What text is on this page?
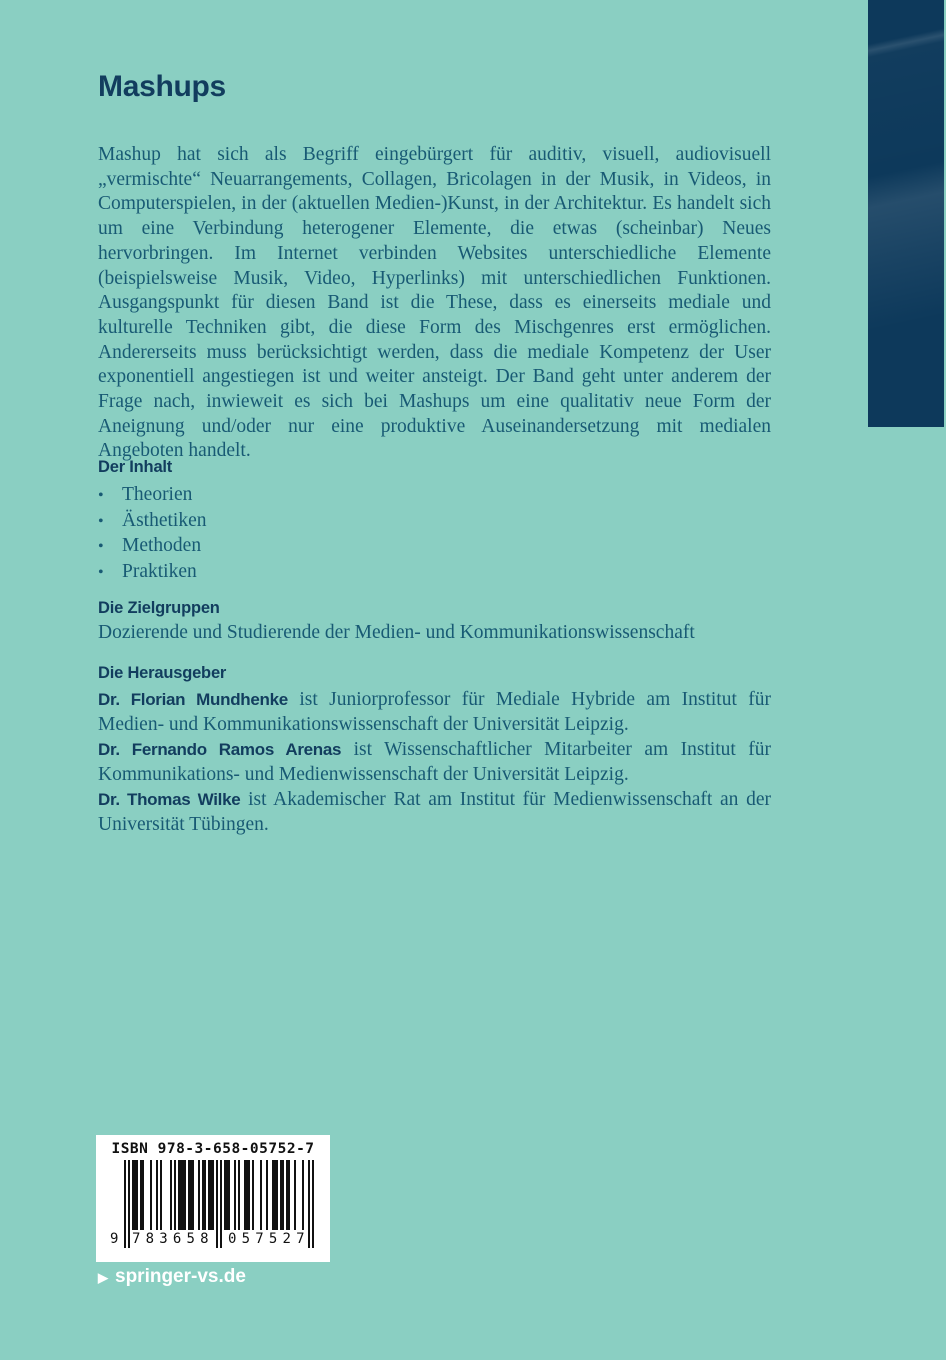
Mashups

Mashup hat sich als Begriff eingebürgert für auditiv, visuell, audiovisuell „vermischte“ Neuarrangements, Collagen, Bricolagen in der Musik, in Videos, in Computerspielen, in der (aktuellen Medien-)Kunst, in der Architektur. Es handelt sich um eine Verbindung heterogener Elemente, die etwas (scheinbar) Neues hervorbringen. Im Internet verbinden Websites unterschiedliche Elemente (beispielsweise Musik, Video, Hyperlinks) mit unterschiedlichen Funktionen. Ausgangspunkt für diesen Band ist die These, dass es einerseits mediale und kulturelle Techniken gibt, die diese Form des Mischgenres erst ermöglichen. Andererseits muss berücksichtigt werden, dass die mediale Kompetenz der User exponentiell angestiegen ist und weiter ansteigt. Der Band geht unter anderem der Frage nach, inwieweit es sich bei Mashups um eine qualitativ neue Form der Aneignung und/oder nur eine produktive Auseinandersetzung mit medialen Angeboten handelt.

Der Inhalt
• Theorien
• Ästhetiken
• Methoden
• Praktiken
Die Zielgruppen

Dozierende und Studierende der Medien- und Kommunikationswissenschaft

Die Herausgeber

Dr. Florian Mundhenke ist Juniorprofessor für Mediale Hybride am Institut für Medien- und Kommunikationswissenschaft der Universität Leipzig.

Dr. Fernando Ramos Arenas ist Wissenschaftlicher Mitarbeiter am Institut für Kommunikations- und Medienwissenschaft der Universität Leipzig.

Dr. Thomas Wilke ist Akademischer Rat am Institut für Medienwissenschaft an der Universität Tübingen.

ISBN 978-3-658-05752-7
9 783658 057527
▶ springer-vs.de
